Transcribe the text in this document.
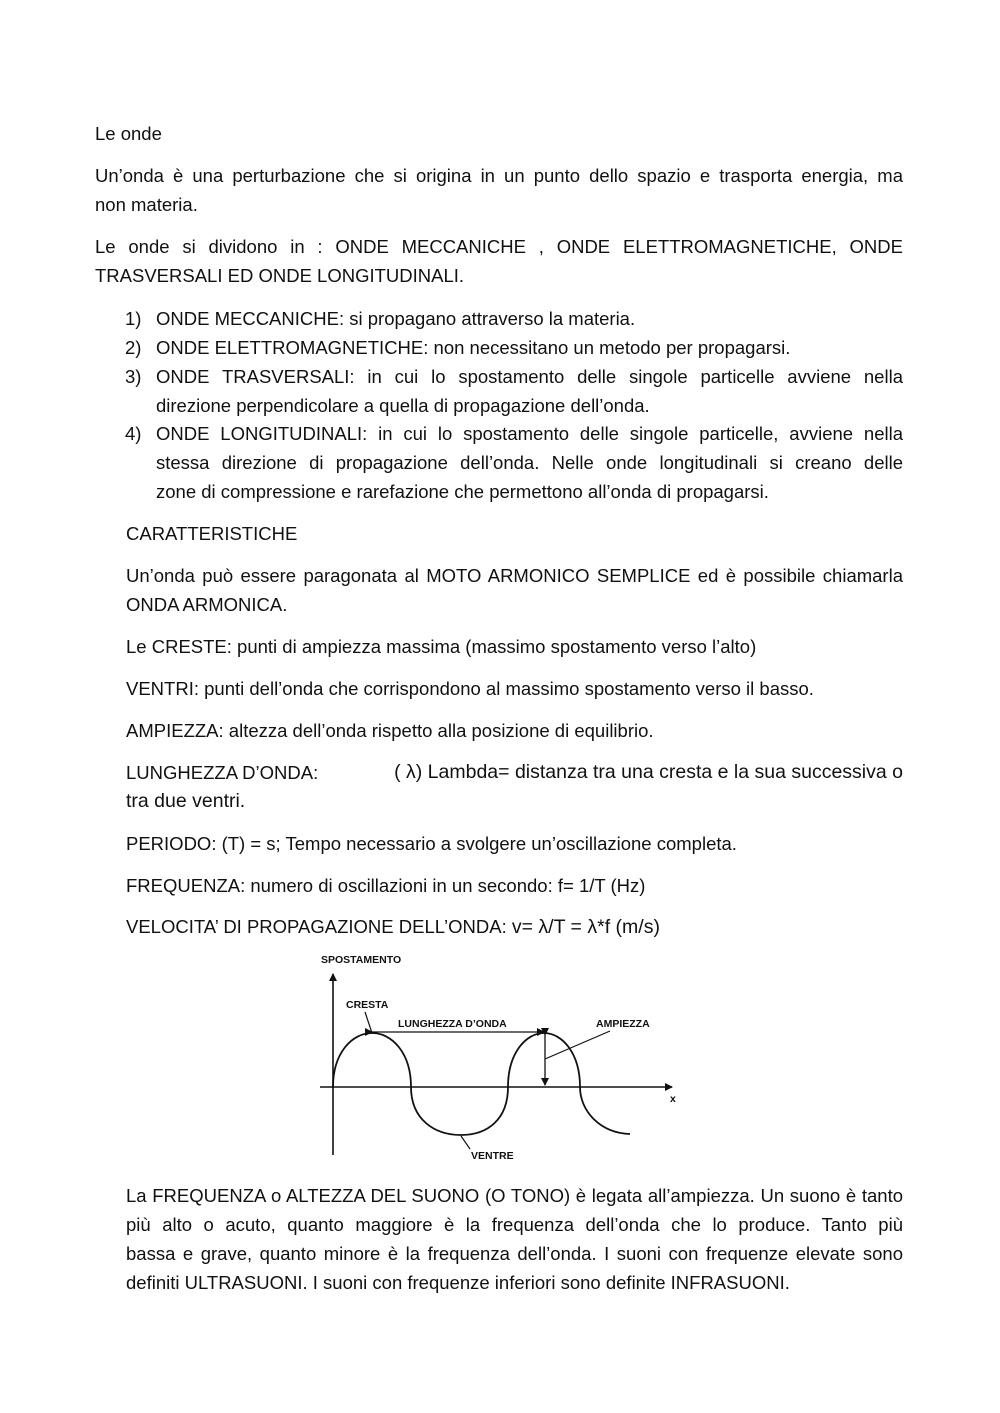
Le onde
Un’onda è una perturbazione che si origina in un punto dello spazio e trasporta energia, ma
non materia.
Le onde si dividono in : ONDE MECCANICHE , ONDE ELETTROMAGNETICHE, ONDE
TRASVERSALI ED ONDE LONGITUDINALI.
1) ONDE MECCANICHE: si propagano attraverso la materia.
2) ONDE ELETTROMAGNETICHE: non necessitano un metodo per propagarsi.
3) ONDE TRASVERSALI: in cui lo spostamento delle singole particelle avviene nella
direzione perpendicolare a quella di propagazione dell’onda.
4) ONDE LONGITUDINALI: in cui lo spostamento delle singole particelle, avviene nella
stessa direzione di propagazione dell’onda. Nelle onde longitudinali si creano delle
zone di compressione e rarefazione che permettono all’onda di propagarsi.
CARATTERISTICHE
Un’onda può essere paragonata al MOTO ARMONICO SEMPLICE ed è possibile chiamarla
ONDA ARMONICA.
Le CRESTE: punti di ampiezza massima (massimo spostamento verso l’alto)
VENTRI: punti dell’onda che corrispondono al massimo spostamento verso il basso.
AMPIEZZA: altezza dell’onda rispetto alla posizione di equilibrio.
LUNGHEZZA D’ONDA:	( λ) Lambda= distanza tra una cresta e la sua successiva o
tra due ventri.
PERIODO: (T) = s; Tempo necessario a svolgere un’oscillazione completa.
FREQUENZA: numero di oscillazioni in un secondo: f= 1/T (Hz)
VELOCITA’ DI PROPAGAZIONE DELL’ONDA: v= λ/T = λ*f (m/s)
SPOSTAMENTO
x
CRESTA
LUNGHEZZA D’ONDA	AMPIEZZA
VENTRE
La FREQUENZA o ALTEZZA DEL SUONO (O TONO) è legata all’ampiezza. Un suono è tanto
più alto o acuto, quanto maggiore è la frequenza dell’onda che lo produce. Tanto più
bassa e grave, quanto minore è la frequenza dell’onda. I suoni con frequenze elevate sono
definiti ULTRASUONI. I suoni con frequenze inferiori sono definite INFRASUONI.
